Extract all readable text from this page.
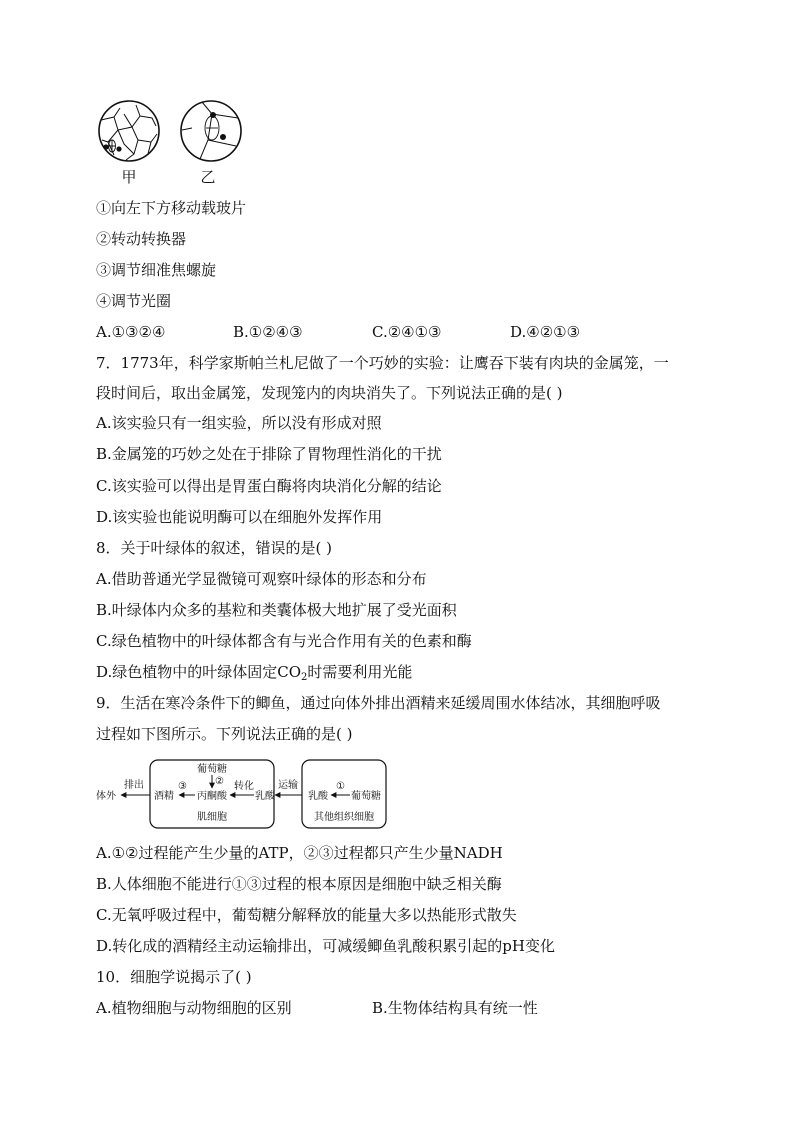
甲	乙
①向左下方移动载玻片
②转动转换器
③调节细准焦螺旋
④调节光圈
A.①③②④	B.①②④③	C.②④①③	D.④②①③
7．1773年，科学家斯帕兰札尼做了一个巧妙的实验：让鹰吞下装有肉块的金属笼，一
段时间后，取出金属笼，发现笼内的肉块消失了。下列说法正确的是( )
A.该实验只有一组实验，所以没有形成对照
B.金属笼的巧妙之处在于排除了胃物理性消化的干扰
C.该实验可以得出是胃蛋白酶将肉块消化分解的结论
D.该实验也能说明酶可以在细胞外发挥作用
8．关于叶绿体的叙述，错误的是( )
A.借助普通光学显微镜可观察叶绿体的形态和分布
B.叶绿体内众多的基粒和类囊体极大地扩展了受光面积
C.绿色植物中的叶绿体都含有与光合作用有关的色素和酶
D.绿色植物中的叶绿体固定$CO_2$时需要利用光能
9．生活在寒冷条件下的鲫鱼，通过向体外排出酒精来延缓周围水体结冰，其细胞呼吸
过程如下图所示。下列说法正确的是( )
体外
排出
酒精
③
葡萄糖
②
丙酮酸
转化
乳酸
肌细胞
运输
乳酸
①
葡萄糖
其他组织细胞
A.①②过程能产生少量的ATP，②③过程都只产生少量NADH
B.人体细胞不能进行①③过程的根本原因是细胞中缺乏相关酶
C.无氧呼吸过程中，葡萄糖分解释放的能量大多以热能形式散失
D.转化成的酒精经主动运输排出，可减缓鲫鱼乳酸积累引起的pH变化
10．细胞学说揭示了( )
A.植物细胞与动物细胞的区别	B.生物体结构具有统一性
